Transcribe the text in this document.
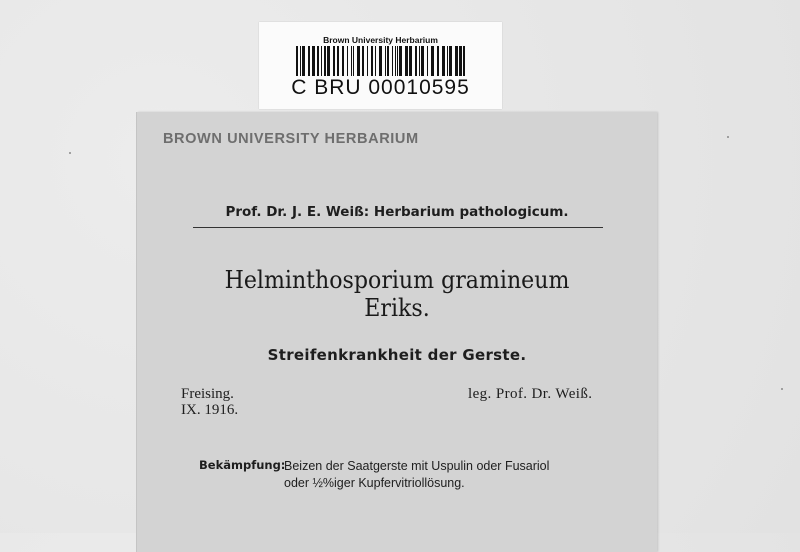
Brown University Herbarium
C BRU 00010595
BROWN UNIVERSITY HERBARIUM
Prof. Dr. J. E. Weiß: Herbarium pathologicum.
Helminthosporium gramineum
Eriks.
Streifenkrankheit der Gerste.
Freising.
IX. 1916.
leg. Prof. Dr. Weiß.
Bekämpfung:
Beizen der Saatgerste mit Uspulin oder Fusariol
oder ½%iger Kupfervitriollösung.
